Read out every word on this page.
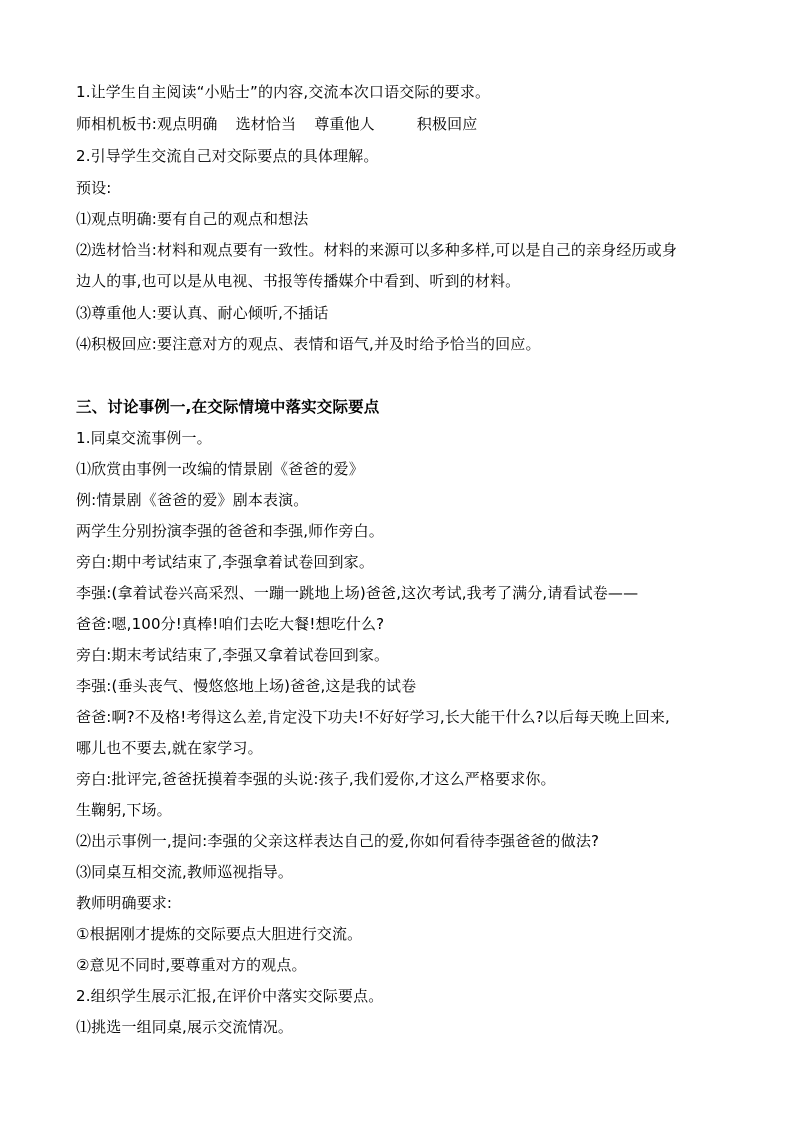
1.让学生自主阅读“小贴士”的内容,交流本次口语交际的要求。
师相机板书:观点明确 选材恰当 尊重他人	积极回应
2.引导学生交流自己对交际要点的具体理解。
预设:
⑴观点明确:要有自己的观点和想法
⑵选材恰当:材料和观点要有一致性。材料的来源可以多种多样,可以是自己的亲身经历或身
边人的事,也可以是从电视、书报等传播媒介中看到、听到的材料。
⑶尊重他人:要认真、耐心倾听,不插话
⑷积极回应:要注意对方的观点、表情和语气,并及时给予恰当的回应。
三、讨论事例一,在交际情境中落实交际要点
1.同桌交流事例一。
⑴欣赏由事例一改编的情景剧《爸爸的爱》
例:情景剧《爸爸的爱》剧本表演。
两学生分别扮演李强的爸爸和李强,师作旁白。
旁白:期中考试结束了,李强拿着试卷回到家。
李强:(拿着试卷兴高采烈、一蹦一跳地上场)爸爸,这次考试,我考了满分,请看试卷——
爸爸:嗯,100分!真棒!咱们去吃大餐!想吃什么?
旁白:期末考试结束了,李强又拿着试卷回到家。
李强:(垂头丧气、慢悠悠地上场)爸爸,这是我的试卷
爸爸:啊?不及格!考得这么差,肯定没下功夫!不好好学习,长大能干什么?以后每天晚上回来,
哪儿也不要去,就在家学习。
旁白:批评完,爸爸抚摸着李强的头说:孩子,我们爱你,才这么严格要求你。
生鞠躬,下场。
⑵出示事例一,提问:李强的父亲这样表达自己的爱,你如何看待李强爸爸的做法?
⑶同桌互相交流,教师巡视指导。
教师明确要求:
①根据刚才提炼的交际要点大胆进行交流。
②意见不同时,要尊重对方的观点。
2.组织学生展示汇报,在评价中落实交际要点。
⑴挑选一组同桌,展示交流情况。
